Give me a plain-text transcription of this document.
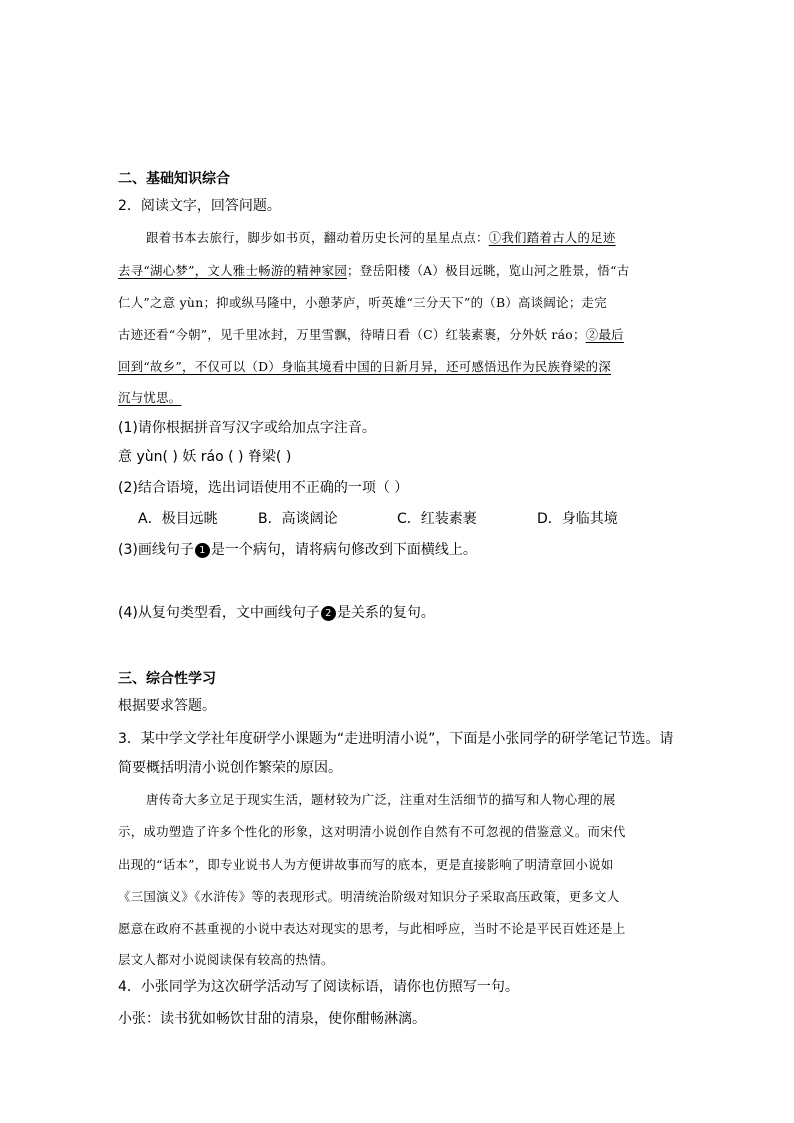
二、基础知识综合
2．阅读文字，回答问题。
跟着书本去旅行，脚步如书页，翻动着历史长河的星星点点：①我们踏着古人的足迹
去寻“湖心梦”，文人雅士畅游的精神家园；登岳阳楼（A）极目远眺，览山河之胜景，悟“古
仁人”之意 yùn；抑或纵马隆中，小憩茅庐，听英雄“三分天下”的（B）高谈阔论；走完
古迹还看“今朝”，见千里冰封，万里雪飘，待晴日看（C）红装素裹，分外妖 ráo；②最后
回到“故乡”，不仅可以（D）身临其境看中国的日新月异，还可感悟迅作为民族脊梁的深
沉与忧思。
(1)请你根据拼音写汉字或给加点字注音。
意 yùn( ) 妖 ráo ( ) 脊梁( )
(2)结合语境，选出词语使用不正确的一项（ ）
A．极目远眺	B．高谈阔论	C．红装素裹	D．身临其境
(3)画线句子 1 是一个病句，请将病句修改到下面横线上。
(4)从复句类型看，文中画线句子 2 是关系的复句。
三、综合性学习
根据要求答题。
3．某中学文学社年度研学小课题为“走进明清小说”，下面是小张同学的研学笔记节选。请
简要概括明清小说创作繁荣的原因。
唐传奇大多立足于现实生活，题材较为广泛，注重对生活细节的描写和人物心理的展
示，成功塑造了许多个性化的形象，这对明清小说创作自然有不可忽视的借鉴意义。而宋代
出现的“话本”，即专业说书人为方便讲故事而写的底本，更是直接影响了明清章回小说如
《三国演义》《水浒传》等的表现形式。明清统治阶级对知识分子采取高压政策，更多文人
愿意在政府不甚重视的小说中表达对现实的思考，与此相呼应，当时不论是平民百姓还是上
层文人都对小说阅读保有较高的热情。
4．小张同学为这次研学活动写了阅读标语，请你也仿照写一句。
小张：读书犹如畅饮甘甜的清泉，使你酣畅淋漓。
